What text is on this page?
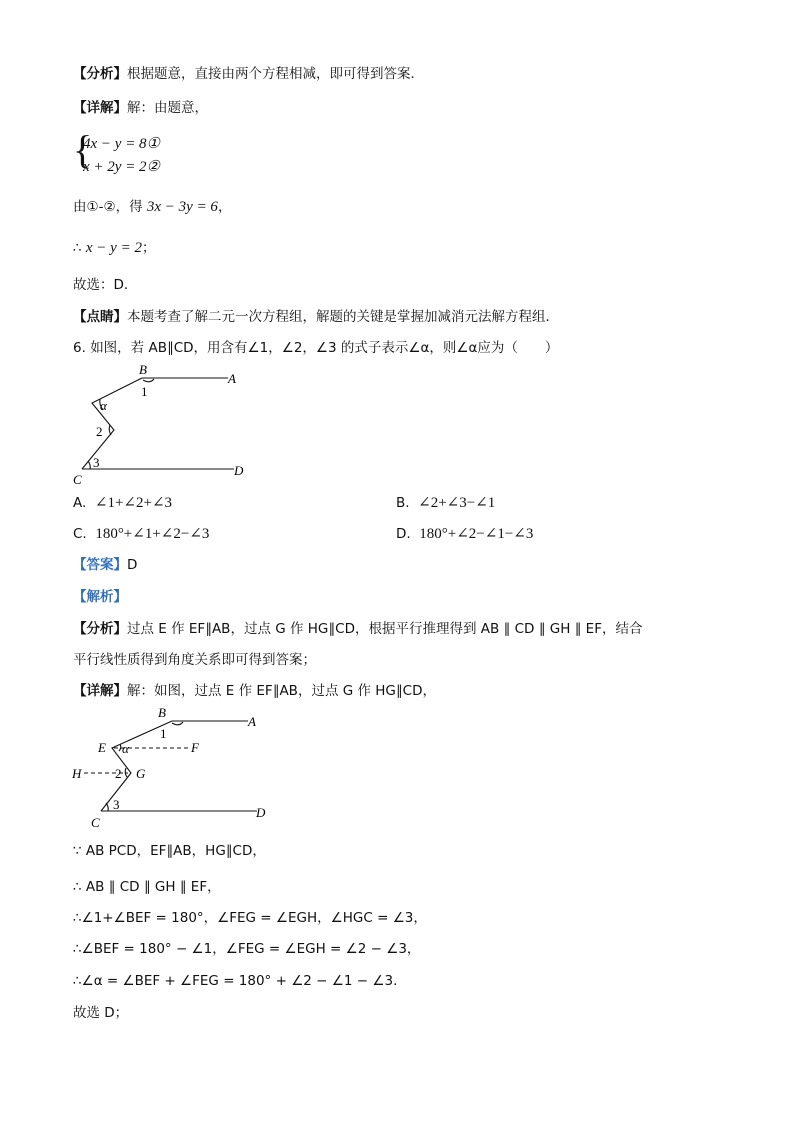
【分析】根据题意，直接由两个方程相减，即可得到答案．
【详解】解：由题意，
{
4x − y = 8①
x + 2y = 2②
由①-②，得 3x − 3y = 6，
∴ x − y = 2；
故选：D．
【点睛】本题考查了解二元一次方程组，解题的关键是掌握加减消元法解方程组．
6. 如图，若 AB∥CD，用含有∠1，∠2，∠3 的式子表示∠α，则∠α应为（　　）
B
A
1
α
2
3
C
D
A. ∠1+∠2+∠3	B. ∠2+∠3−∠1
C. 180°+∠1+∠2−∠3	D. 180°+∠2−∠1−∠3
【答案】D
【解析】
【分析】过点 E 作 EF∥AB，过点 G 作 HG∥CD，根据平行推理得到 AB ∥ CD ∥ GH ∥ EF，结合
平行线性质得到角度关系即可得到答案；
【详解】解：如图，过点 E 作 EF∥AB，过点 G 作 HG∥CD，
B
A
1
E α	F
H	2 G
3
C
D
∵ AB PCD，EF∥AB，HG∥CD，
∴ AB ∥ CD ∥ GH ∥ EF，
∴∠1+∠BEF = 180°，∠FEG = ∠EGH，∠HGC = ∠3，
∴∠BEF = 180° − ∠1，∠FEG = ∠EGH = ∠2 − ∠3，
∴∠α = ∠BEF + ∠FEG = 180° + ∠2 − ∠1 − ∠3．
故选 D；
